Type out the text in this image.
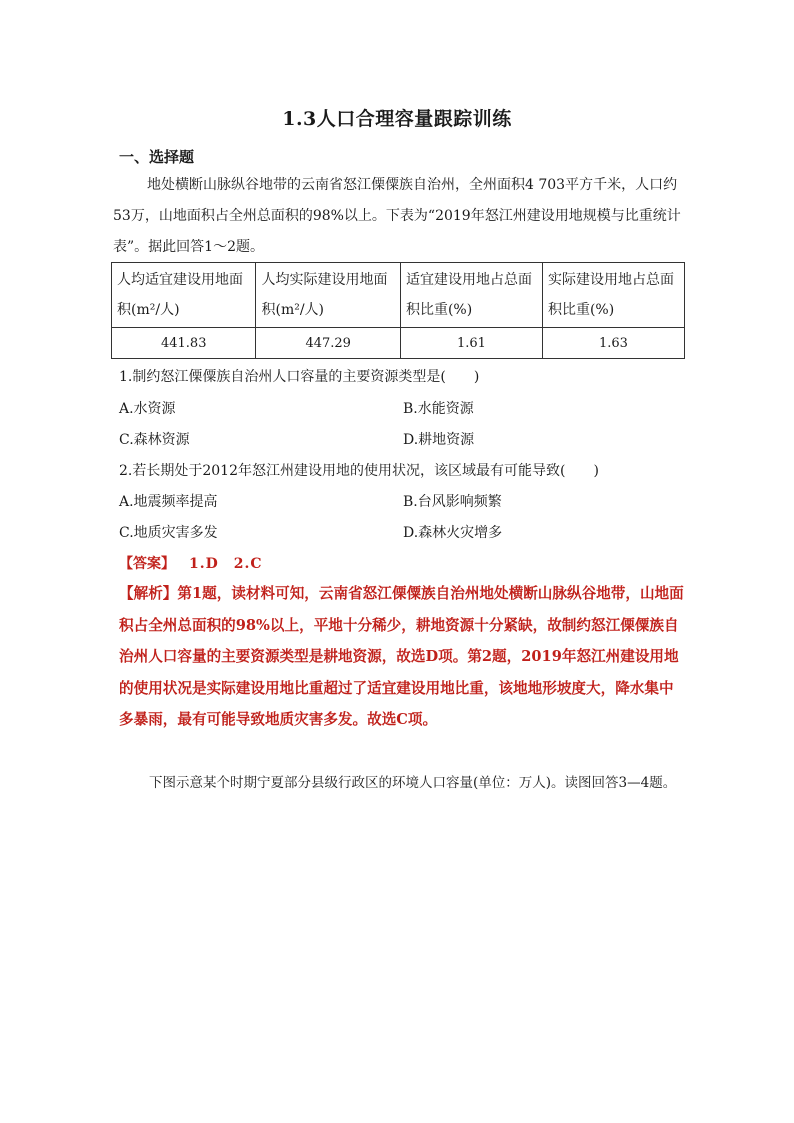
1.3人口合理容量跟踪训练
一、选择题
地处横断山脉纵谷地带的云南省怒江傈僳族自治州，全州面积4 703平方千米，人口约53万，山地面积占全州总面积的98%以上。下表为“2019年怒江州建设用地规模与比重统计表”。据此回答1～2题。
人均适宜建设用地面积(m²/人)	人均实际建设用地面积(m²/人)	适宜建设用地占总面积比重(%)	实际建设用地占总面积比重(%)
441.83	447.29	1.61	1.63
1.制约怒江傈僳族自治州人口容量的主要资源类型是(　　)
A.水资源	B.水能资源
C.森林资源	D.耕地资源
2.若长期处于2012年怒江州建设用地的使用状况，该区域最有可能导致(　　)
A.地震频率提高	B.台风影响频繁
C.地质灾害多发	D.森林火灾增多
【答案】 1.D　2.C
【解析】第1题，读材料可知，云南省怒江傈僳族自治州地处横断山脉纵谷地带，山地面积占全州总面积的98%以上，平地十分稀少，耕地资源十分紧缺，故制约怒江傈僳族自治州人口容量的主要资源类型是耕地资源，故选D项。第2题，2019年怒江州建设用地的使用状况是实际建设用地比重超过了适宜建设用地比重，该地地形坡度大，降水集中多暴雨，最有可能导致地质灾害多发。故选C项。
下图示意某个时期宁夏部分县级行政区的环境人口容量(单位：万人)。读图回答3—4题。
